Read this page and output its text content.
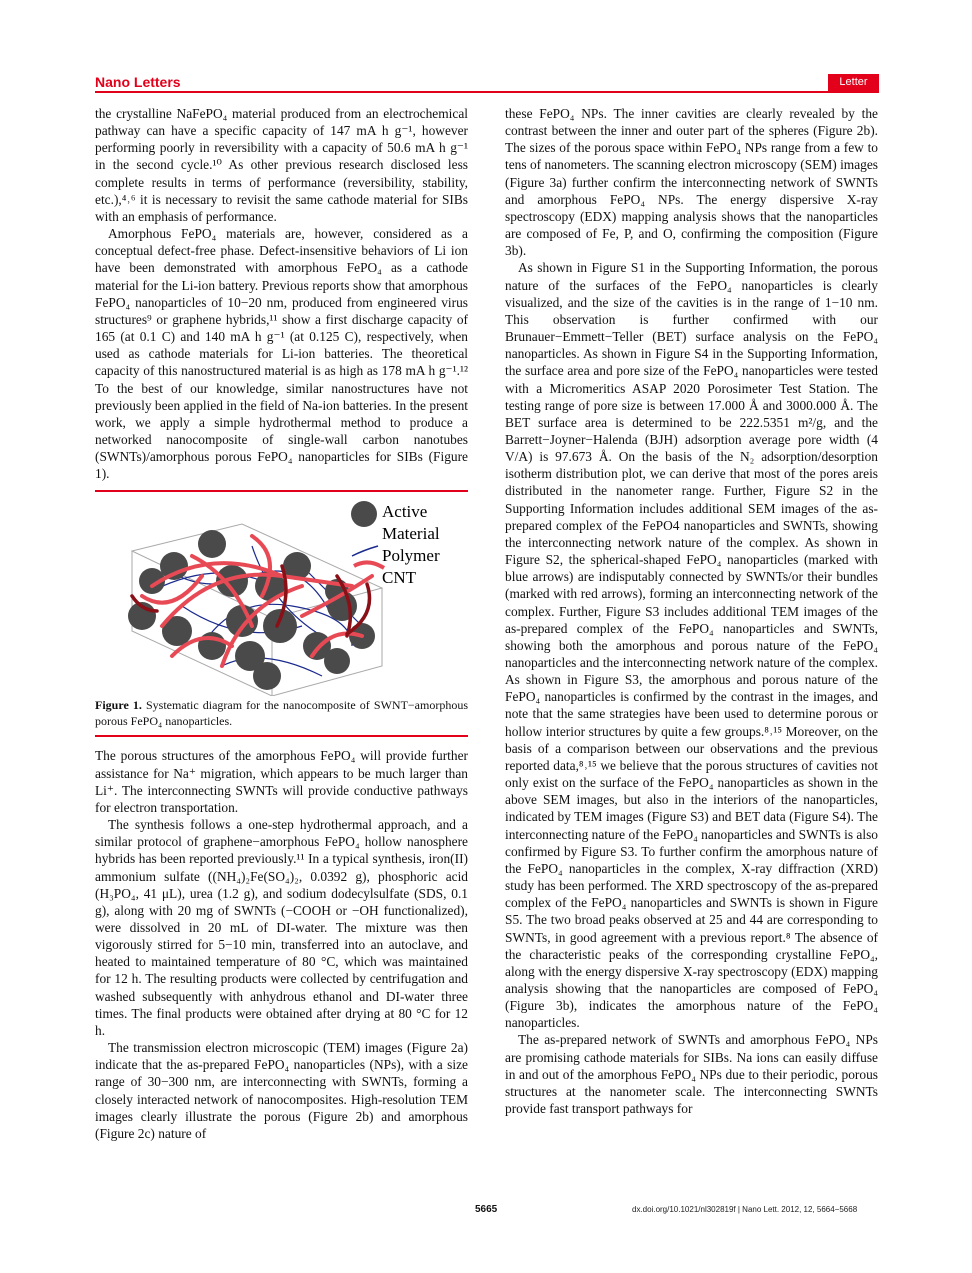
Nano Letters	Letter

the crystalline NaFePO₄ material produced from an electrochemical pathway can have a specific capacity of 147 mA h g⁻¹, however performing poorly in reversibility with a capacity of 50.6 mA h g⁻¹ in the second cycle.¹⁰ As other previous research disclosed less complete results in terms of performance (reversibility, stability, etc.),⁴˒⁶ it is necessary to revisit the same cathode material for SIBs with an emphasis of performance.

Amorphous FePO₄ materials are, however, considered as a conceptual defect-free phase. Defect-insensitive behaviors of Li ion have been demonstrated with amorphous FePO₄ as a cathode material for the Li-ion battery. Previous reports show that amorphous FePO₄ nanoparticles of 10−20 nm, produced from engineered virus structures⁹ or graphene hybrids,¹¹ show a first discharge capacity of 165 (at 0.1 C) and 140 mA h g⁻¹ (at 0.125 C), respectively, when used as cathode materials for Li-ion batteries. The theoretical capacity of this nanostructured material is as high as 178 mA h g⁻¹.¹² To the best of our knowledge, similar nanostructures have not previously been applied in the field of Na-ion batteries. In the present work, we apply a simple hydrothermal method to produce a networked nanocomposite of single-wall carbon nanotubes (SWNTs)/amorphous porous FePO₄ nanoparticles for SIBs (Figure 1).

Active
Material
Polymer
CNT
Figure 1. Systematic diagram for the nanocomposite of SWNT−amorphous porous FePO₄ nanoparticles.

The porous structures of the amorphous FePO₄ will provide further assistance for Na⁺ migration, which appears to be much larger than Li⁺. The interconnecting SWNTs will provide conductive pathways for electron transportation.

The synthesis follows a one-step hydrothermal approach, and a similar protocol of graphene−amorphous FePO₄ hollow nanosphere hybrids has been reported previously.¹¹ In a typical synthesis, iron(II) ammonium sulfate ((NH₄)₂Fe(SO₄)₂, 0.0392 g), phosphoric acid (H₃PO₄, 41 μL), urea (1.2 g), and sodium dodecylsulfate (SDS, 0.1 g), along with 20 mg of SWNTs (−COOH or −OH functionalized), were dissolved in 20 mL of DI-water. The mixture was then vigorously stirred for 5−10 min, transferred into an autoclave, and heated to maintained temperature of 80 °C, which was maintained for 12 h. The resulting products were collected by centrifugation and washed subsequently with anhydrous ethanol and DI-water three times. The final products were obtained after drying at 80 °C for 12 h.

The transmission electron microscopic (TEM) images (Figure 2a) indicate that the as-prepared FePO₄ nanoparticles (NPs), with a size range of 30−300 nm, are interconnecting with SWNTs, forming a closely interacted network of nanocomposites. High-resolution TEM images clearly illustrate the porous (Figure 2b) and amorphous (Figure 2c) nature of

these FePO₄ NPs. The inner cavities are clearly revealed by the contrast between the inner and outer part of the spheres (Figure 2b). The sizes of the porous space within FePO₄ NPs range from a few to tens of nanometers. The scanning electron microscopy (SEM) images (Figure 3a) further confirm the interconnecting network of SWNTs and amorphous FePO₄ NPs. The energy dispersive X-ray spectroscopy (EDX) mapping analysis shows that the nanoparticles are composed of Fe, P, and O, confirming the composition (Figure 3b).

As shown in Figure S1 in the Supporting Information, the porous nature of the surfaces of the FePO₄ nanoparticles is clearly visualized, and the size of the cavities is in the range of 1−10 nm. This observation is further confirmed with our Brunauer−Emmett−Teller (BET) surface analysis on the FePO₄ nanoparticles. As shown in Figure S4 in the Supporting Information, the surface area and pore size of the FePO₄ nanoparticles were tested with a Micromeritics ASAP 2020 Porosimeter Test Station. The testing range of pore size is between 17.000 Å and 3000.000 Å. The BET surface area is determined to be 222.5351 m²/g, and the Barrett−Joyner−Halenda (BJH) adsorption average pore width (4 V/A) is 97.673 Å. On the basis of the N₂ adsorption/desorption isotherm distribution plot, we can derive that most of the pores areis distributed in the nanometer range. Further, Figure S2 in the Supporting Information includes additional SEM images of the as-prepared complex of the FePO4 nanoparticles and SWNTs, showing the interconnecting network nature of the complex. As shown in Figure S2, the spherical-shaped FePO₄ nanoparticles (marked with blue arrows) are indisputably connected by SWNTs/or their bundles (marked with red arrows), forming an interconnecting network of the complex. Further, Figure S3 includes additional TEM images of the as-prepared complex of the FePO₄ nanoparticles and SWNTs, showing both the amorphous and porous nature of the FePO₄ nanoparticles and the interconnecting network nature of the complex. As shown in Figure S3, the amorphous and porous nature of the FePO₄ nanoparticles is confirmed by the contrast in the images, and note that the same strategies have been used to determine porous or hollow interior structures by quite a few groups.⁸˒¹⁵ Moreover, on the basis of a comparison between our observations and the previous reported data,⁸˒¹⁵ we believe that the porous structures of cavities not only exist on the surface of the FePO₄ nanoparticles as shown in the above SEM images, but also in the interiors of the nanoparticles, indicated by TEM images (Figure S3) and BET data (Figure S4). The interconnecting nature of the FePO₄ nanoparticles and SWNTs is also confirmed by Figure S3. To further confirm the amorphous nature of the FePO₄ nanoparticles in the complex, X-ray diffraction (XRD) study has been performed. The XRD spectroscopy of the as-prepared complex of the FePO₄ nanoparticles and SWNTs is shown in Figure S5. The two broad peaks observed at 25 and 44 are corresponding to SWNTs, in good agreement with a previous report.⁸ The absence of the characteristic peaks of the corresponding crystalline FePO₄, along with the energy dispersive X-ray spectroscopy (EDX) mapping analysis showing that the nanoparticles are composed of FePO₄ (Figure 3b), indicates the amorphous nature of the FePO₄ nanoparticles.

The as-prepared network of SWNTs and amorphous FePO₄ NPs are promising cathode materials for SIBs. Na ions can easily diffuse in and out of the amorphous FePO₄ NPs due to their periodic, porous structures at the nanometer scale. The interconnecting SWNTs provide fast transport pathways for

5665	dx.doi.org/10.1021/nl302819f | Nano Lett. 2012, 12, 5664−5668
